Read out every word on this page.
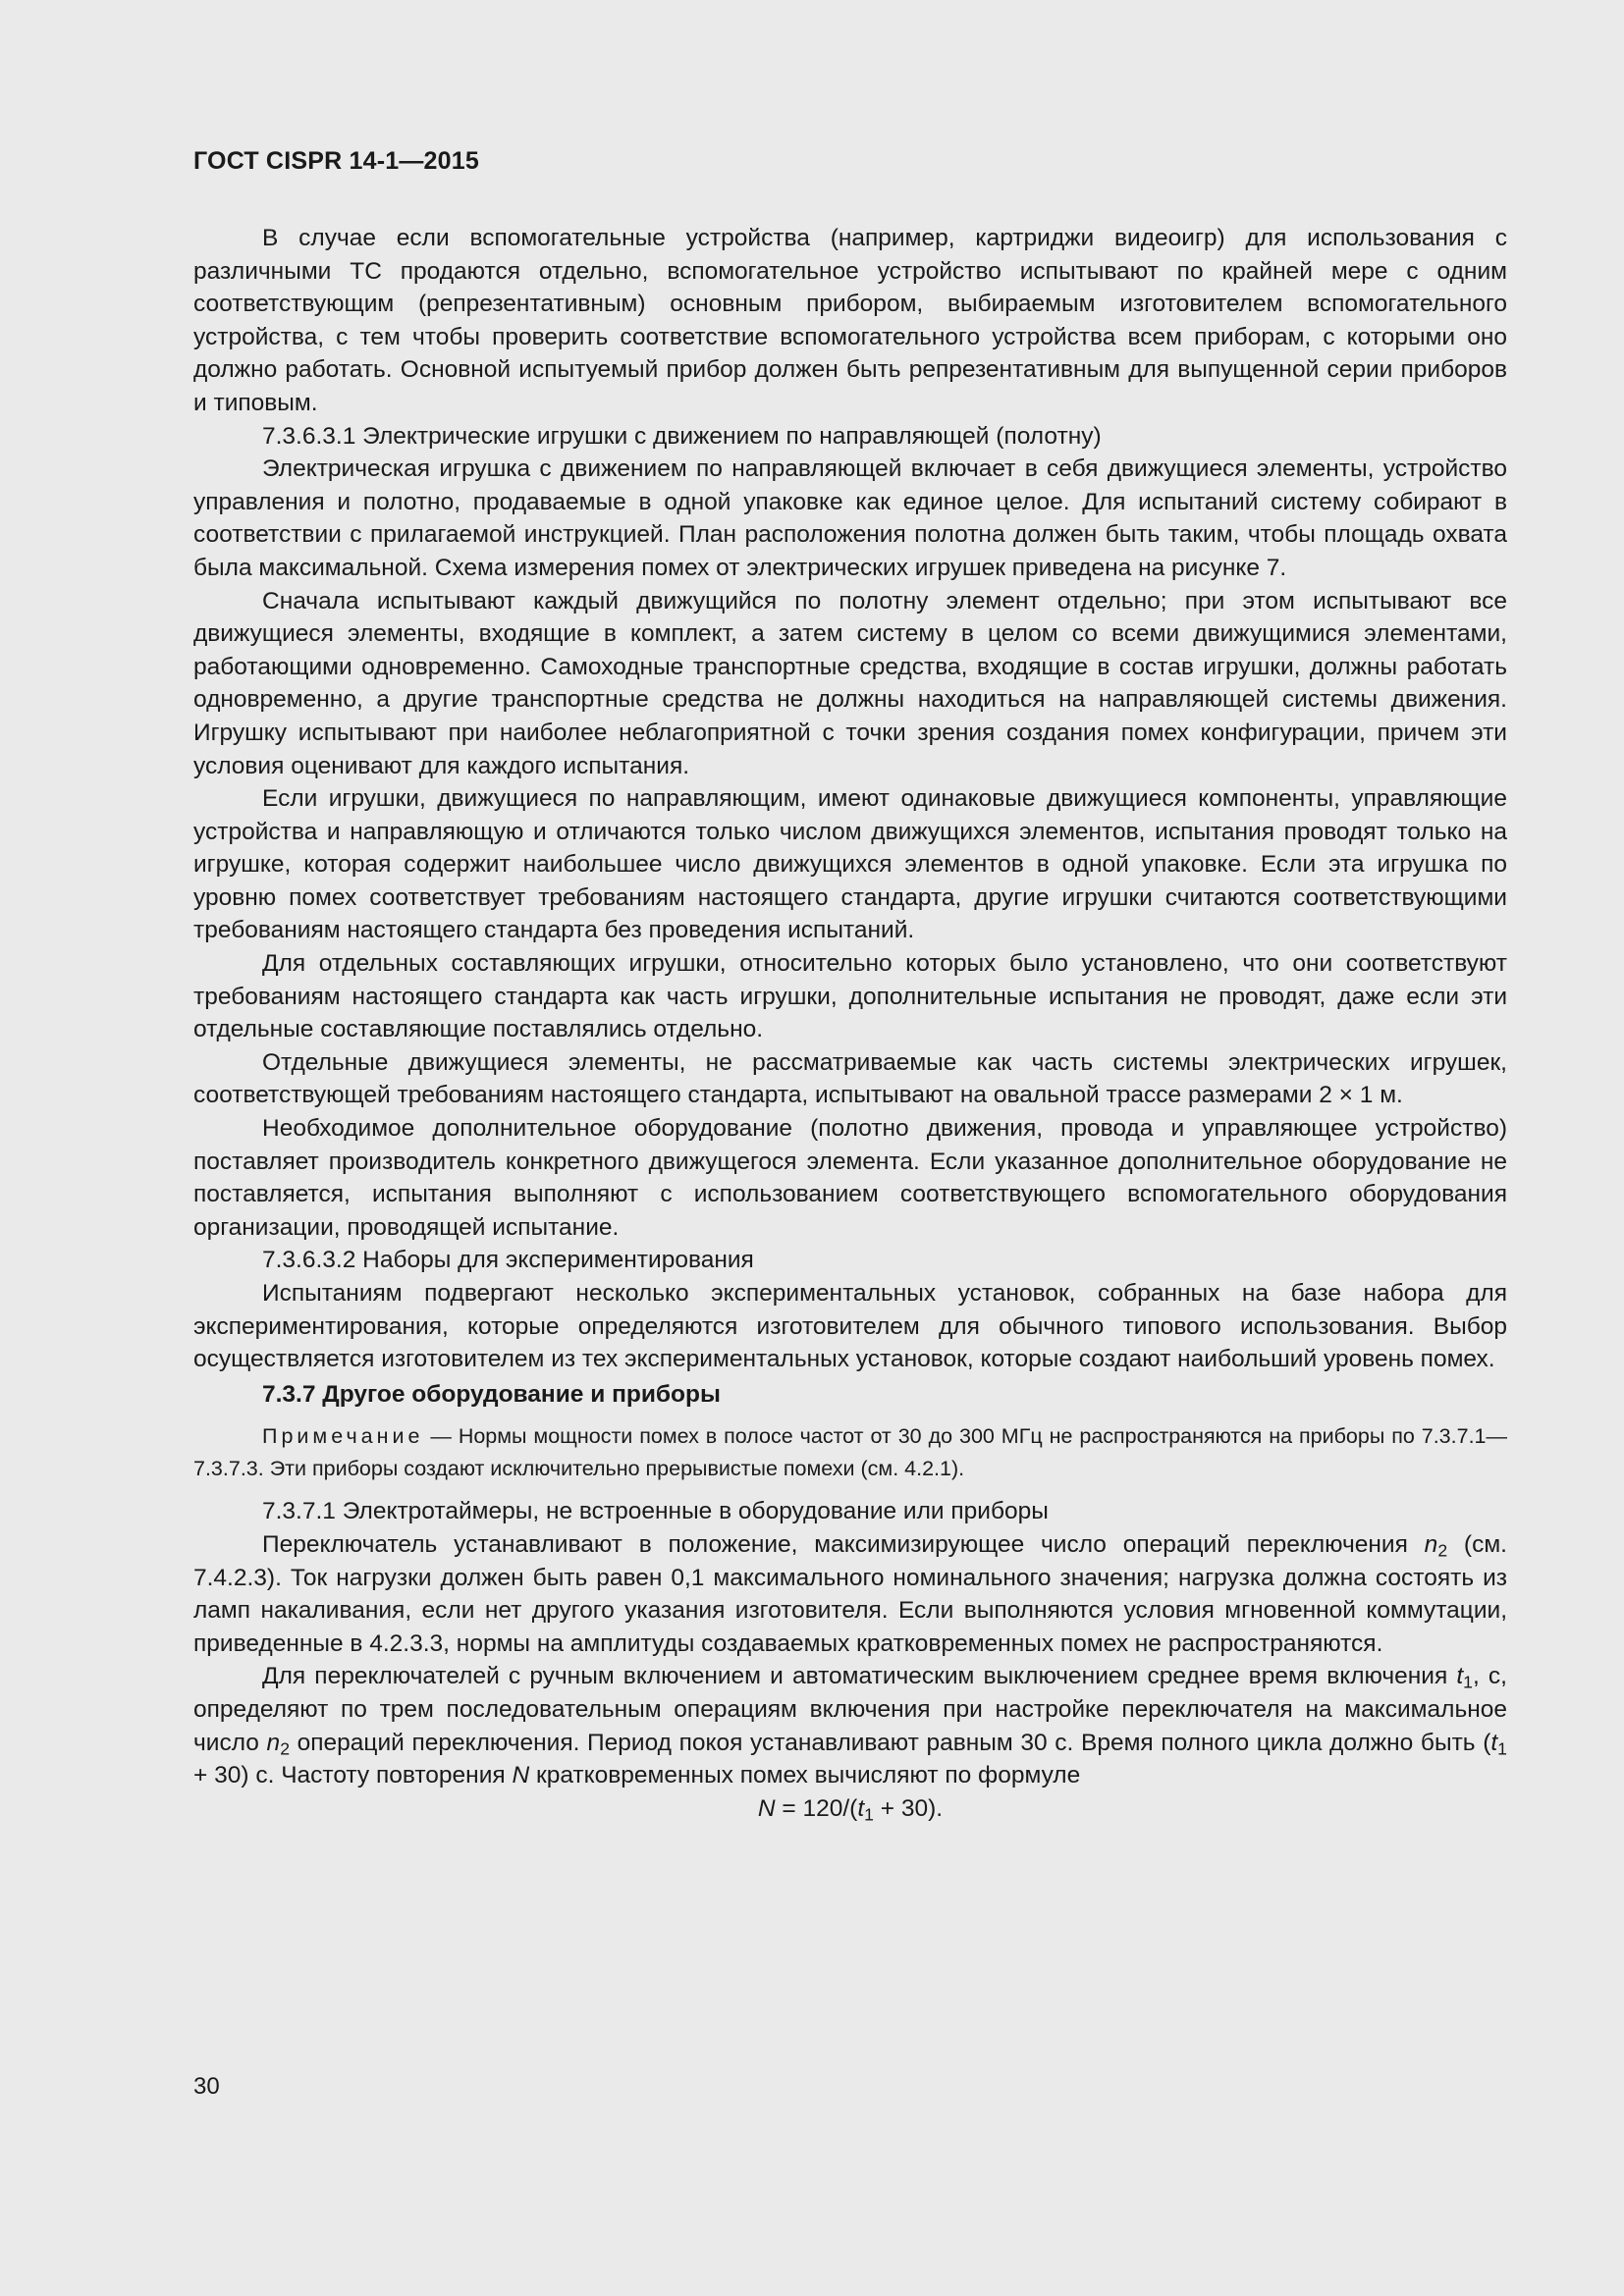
ГОСТ CISPR 14-1—2015

В случае если вспомогательные устройства (например, картриджи видеоигр) для использования с различными ТС продаются отдельно, вспомогательное устройство испытывают по крайней мере с одним соответствующим (репрезентативным) основным прибором, выбираемым изготовителем вспомогательного устройства, с тем чтобы проверить соответствие вспомогательного устройства всем приборам, с которыми оно должно работать. Основной испытуемый прибор должен быть репрезентативным для выпущенной серии приборов и типовым.

7.3.6.3.1 Электрические игрушки с движением по направляющей (полотну)

Электрическая игрушка с движением по направляющей включает в себя движущиеся элементы, устройство управления и полотно, продаваемые в одной упаковке как единое целое. Для испытаний систему собирают в соответствии с прилагаемой инструкцией. План расположения полотна должен быть таким, чтобы площадь охвата была максимальной. Схема измерения помех от электрических игрушек приведена на рисунке 7.

Сначала испытывают каждый движущийся по полотну элемент отдельно; при этом испытывают все движущиеся элементы, входящие в комплект, а затем систему в целом со всеми движущимися элементами, работающими одновременно. Самоходные транспортные средства, входящие в состав игрушки, должны работать одновременно, а другие транспортные средства не должны находиться на направляющей системы движения. Игрушку испытывают при наиболее неблагоприятной с точки зрения создания помех конфигурации, причем эти условия оценивают для каждого испытания.

Если игрушки, движущиеся по направляющим, имеют одинаковые движущиеся компоненты, управляющие устройства и направляющую и отличаются только числом движущихся элементов, испытания проводят только на игрушке, которая содержит наибольшее число движущихся элементов в одной упаковке. Если эта игрушка по уровню помех соответствует требованиям настоящего стандарта, другие игрушки считаются соответствующими требованиям настоящего стандарта без проведения испытаний.

Для отдельных составляющих игрушки, относительно которых было установлено, что они соответствуют требованиям настоящего стандарта как часть игрушки, дополнительные испытания не проводят, даже если эти отдельные составляющие поставлялись отдельно.

Отдельные движущиеся элементы, не рассматриваемые как часть системы электрических игрушек, соответствующей требованиям настоящего стандарта, испытывают на овальной трассе размерами 2 × 1 м.

Необходимое дополнительное оборудование (полотно движения, провода и управляющее устройство) поставляет производитель конкретного движущегося элемента. Если указанное дополнительное оборудование не поставляется, испытания выполняют с использованием соответствующего вспомогательного оборудования организации, проводящей испытание.

7.3.6.3.2 Наборы для экспериментирования

Испытаниям подвергают несколько экспериментальных установок, собранных на базе набора для экспериментирования, которые определяются изготовителем для обычного типового использования. Выбор осуществляется изготовителем из тех экспериментальных установок, которые создают наибольший уровень помех.

7.3.7 Другое оборудование и приборы

Примечание — Нормы мощности помех в полосе частот от 30 до 300 МГц не распространяются на приборы по 7.3.7.1—7.3.7.3. Эти приборы создают исключительно прерывистые помехи (см. 4.2.1).

7.3.7.1 Электротаймеры, не встроенные в оборудование или приборы

Переключатель устанавливают в положение, максимизирующее число операций переключения $n_2$ (см. 7.4.2.3). Ток нагрузки должен быть равен 0,1 максимального номинального значения; нагрузка должна состоять из ламп накаливания, если нет другого указания изготовителя. Если выполняются условия мгновенной коммутации, приведенные в 4.2.3.3, нормы на амплитуды создаваемых кратковременных помех не распространяются.

Для переключателей с ручным включением и автоматическим выключением среднее время включения $t_1$, с, определяют по трем последовательным операциям включения при настройке переключателя на максимальное число $n_2$ операций переключения. Период покоя устанавливают равным 30 с. Время полного цикла должно быть $(t_1 + 30)$ с. Частоту повторения N кратковременных помех вычисляют по формуле

$N = 120/(t_1 + 30)$.

30
